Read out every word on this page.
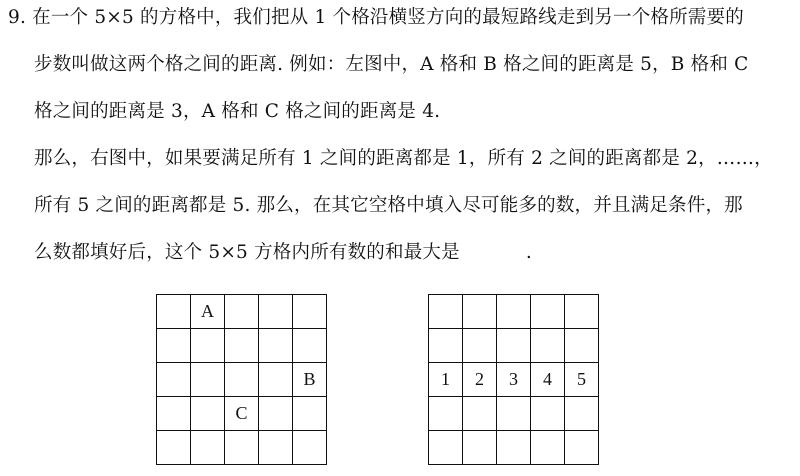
9. 在一个 5×5 的方格中，我们把从 1 个格沿横竖方向的最短路线走到另一个格所需要的
步数叫做这两个格之间的距离. 例如：左图中，A 格和 B 格之间的距离是 5，B 格和 C
格之间的距离是 3，A 格和 C 格之间的距离是 4.
那么，右图中，如果要满足所有 1 之间的距离都是 1，所有 2 之间的距离都是 2，……，
所有 5 之间的距离都是 5. 那么，在其它空格中填入尽可能多的数，并且满足条件，那
么数都填好后，这个 5×5 方格内所有数的和最大是	.
A
B
C
1	2	3	4	5
